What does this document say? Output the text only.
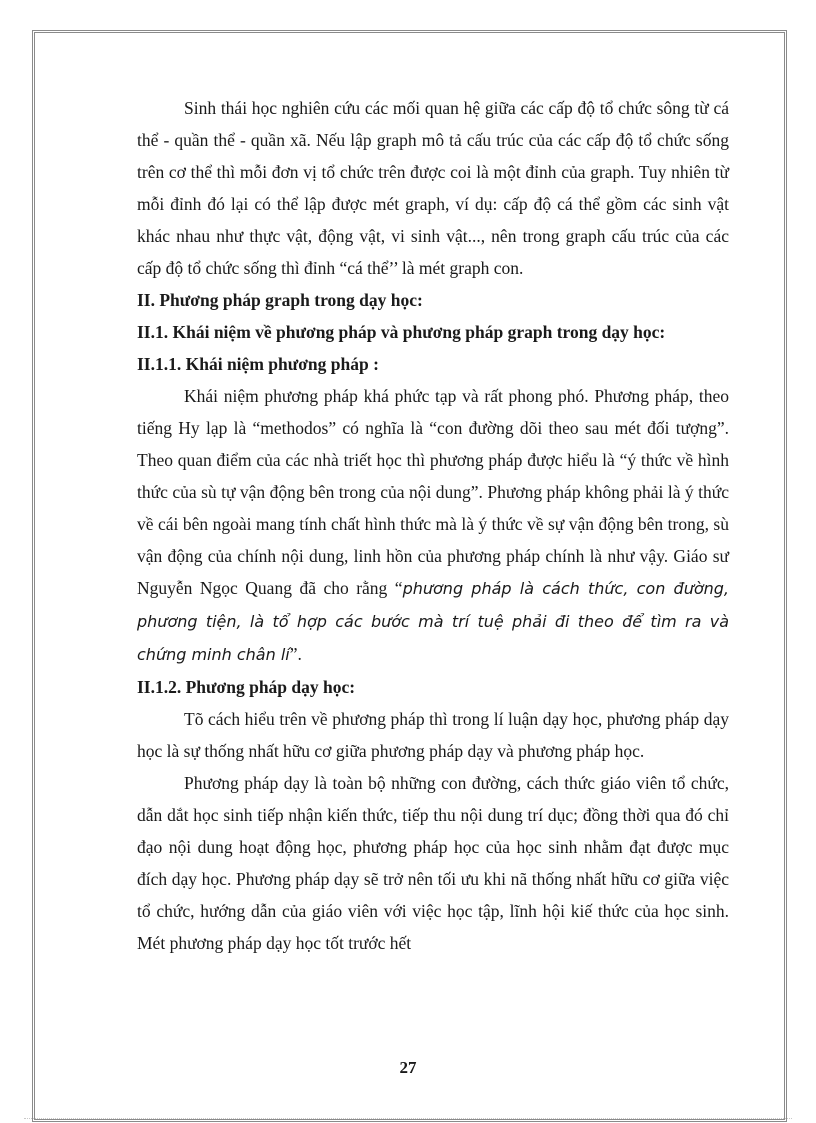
Sinh thái học nghiên cứu các mối quan hệ giữa các cấp độ tổ chức sông từ cá thể - quần thể - quần xã. Nếu lập graph mô tả cấu trúc của các cấp độ tổ chức sống trên cơ thể thì mỗi đơn vị tổ chức trên được coi là một đỉnh của graph. Tuy nhiên từ mỗi đỉnh đó lại có thể lập được mét graph, ví dụ: cấp độ cá thể gồm các sinh vật khác nhau như thực vật, động vật, vi sinh vật..., nên trong graph cấu trúc của các cấp độ tổ chức sống thì đỉnh “cá thể’’ là mét graph con.

II. Phương pháp graph trong dạy học:

II.1. Khái niệm về phương pháp và phương pháp graph trong dạy học:

II.1.1. Khái niệm phương pháp :

Khái niệm phương pháp khá phức tạp và rất phong phó. Phương pháp, theo tiếng Hy lạp là “methodos” có nghĩa là “con đường dõi theo sau mét đối tượng”. Theo quan điểm của các nhà triết học thì phương pháp được hiểu là “ý thức về hình thức của sù tự vận động bên trong của nội dung”. Phương pháp không phải là ý thức về cái bên ngoài mang tính chất hình thức mà là ý thức về sự vận động bên trong, sù vận động của chính nội dung, linh hồn của phương pháp chính là như vậy. Giáo sư Nguyễn Ngọc Quang đã cho rằng “phương pháp là cách thức, con đường, phương tiện, là tổ hợp các bước mà trí tuệ phải đi theo để tìm ra và chứng minh chân lí”.

II.1.2. Phương pháp dạy học:

Tõ cách hiểu trên về phương pháp thì trong lí luận dạy học, phương pháp dạy học là sự thống nhất hữu cơ giữa phương pháp dạy và phương pháp học.

Phương pháp dạy là toàn bộ những con đường, cách thức giáo viên tổ chức, dẫn dắt học sinh tiếp nhận kiến thức, tiếp thu nội dung trí dục; đồng thời qua đó chỉ đạo nội dung hoạt động học, phương pháp học của học sinh nhằm đạt được mục đích dạy học. Phương pháp dạy sẽ trở nên tối ưu khi nã thống nhất hữu cơ giữa việc tổ chức, hướng dẫn của giáo viên với việc học tập, lĩnh hội kiế thức của học sinh. Mét phương pháp dạy học tốt trước hết

27
